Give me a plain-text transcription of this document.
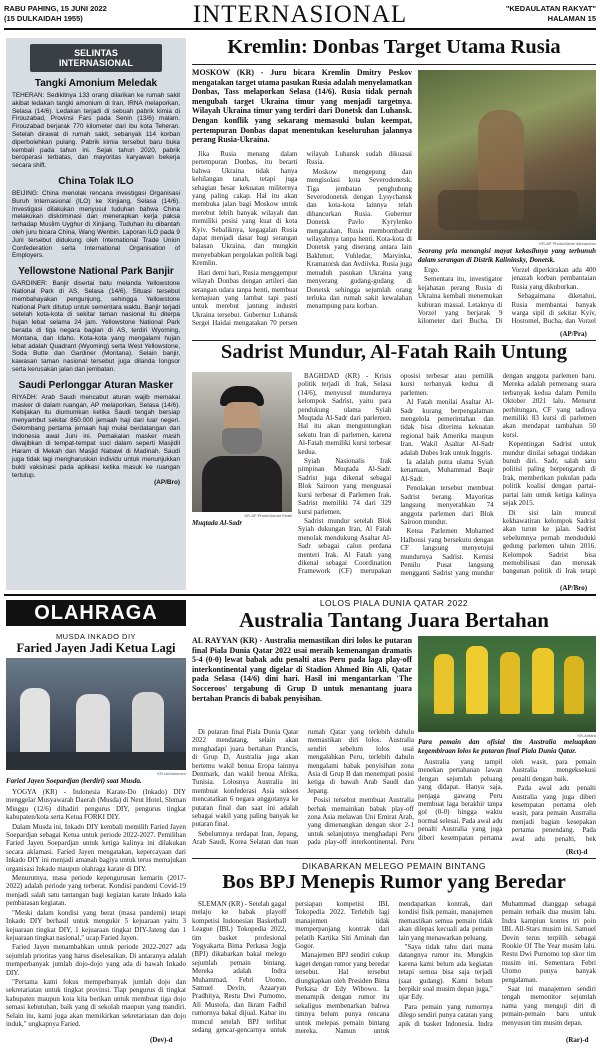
RABU PAHING, 15 JUNI 2022
(15 DULKAIDAH 1955)	INTERNASIONAL	"KEDAULATAN RAKYAT"
HALAMAN 15
SELINTAS INTERNASIONAL
Tangki Amonium Meledak
TEHERAN: Sedikitnya 133 orang dilarikan ke rumah sakit akibat ledakan tangki amonium di Iran, IRNA melaporkan, Selasa (14/6). Ledakan terjadi di sebuah pabrik kimia di Firouzabad, Provinsi Fars pada Senin (13/6) malam. Firouzabad berjarak 770 kilometer dari ibu kota Teheran. Setelah dirawat di rumah sakit, sebanyak 114 korban diperbolehkan pulang. Pabrik kimia tersebut baru buka kembali pada tahun ini. Sejak tahun 2020, pabrik beroperasi terbatas, dan mayoritas karyawan bekerja secara shift.
China Tolak ILO
BEIJING: China menolak rencana investigasi Organisasi Buruh Internasional (ILO) ke Xinjiang, Selasa (14/6). Investigasi dilakukan menyusul tuduhan bahwa China melakukan diskriminasi dan menerapkan kerja paksa terhadap Muslim Uyghur di Xinjiang. Tuduhan itu dibantah oleh juru bicara China, Wang Wenbin. Laporan ILO pada 9 Juni tersebut didukung oleh International Trade Union Confederation serta International Organisation of Employers.
Yellowstone National Park Banjir
GARDINER: Banjir disertai batu melanda Yellowstone National Park di AS, Selasa (14/6). Situasi tersebut membahayakan pengunjung, sehingga Yellowstone National Park ditutup untuk sementara waktu. Banjir terjadi setelah kota-kota di sekitar taman nasional itu diterpa hujan lebat selama 24 jam. Yellowstone National Park berada di tiga negara bagian di AS, terdiri Wyoming, Montana, dan Idaho. Kota-kota yang mengalami hujan lebat adalah Quadrant (Wyoming) serta West Yellowstone, Soda Butte dan Gardiner (Montana). Selain banjir, kawasan taman nasional tersebut juga dilanda longsor serta kerusakan jalan dan jembatan.
Saudi Perlonggar Aturan Masker
RIYADH: Arab Saudi mencabut aturan wajib memakai masker di dalam ruangan, AP melaporkan, Selasa (14/6). Kebijakan itu diumumkan ketika Saudi tengah bersiap menyambut sekitar 850.000 jemaah haji dari luar negeri. Gelombang pertama jemaah haji mulai berdatangan dari Indonesia awal Juni ini. Pemakaian masker masih diwajibkan di tempat-tempat suci dalam seperti Masjidil Haram di Mekah dan Masjid Nabawi di Madinah. Saudi juga tidak lagi mengharuskan individu untuk menunjukkan bukti vaksinasi pada aplikasi ketika masuk ke ruangan tertutup.
(AP/Bro)
Kremlin: Donbas Target Utama Rusia
MOSKOW (KR) - Juru bicara Kremlin Dmitry Peskov mengatakan target utama pasukan Rusia adalah menyelamatkan Donbas, Tass melaporkan Selasa (14/6). Rusia tidak pernah mengubah target Ukraina timur yang menjadi targetnya. Wilayah Ukraina timur yang terdiri dari Donetsk dan Luhansk. Dengan konflik yang sekarang memasuki bulan keempat, pertempuran Donbas dapat menentukan keseluruhan jalannya perang Rusia-Ukraina.

Jika Rusia menang dalam pertempuran Donbas, itu berarti bahwa Ukraina tidak hanya kehilangan tanah, tetapi juga sebagian besar kekuatan militernya yang paling cakap. Hal itu akan membuka jalan bagi Moskow untuk merebut lebih banyak wilayah dan memiliki posisi yang kuat di kota Kyiv. Sebaliknya, kegagalan Rusia dapat menjadi dasar bagi serangan balasan Ukraina, dan mungkin menyebabkan pergolakan politik bagi Kremlin.

Hari demi hari, Rusia menggempur wilayah Donbas dengan artileri dan serangan udara tanpa henti, membuat kemajuan yang lambat tapi pasti untuk merebut jantung industri Ukraina tersebut. Gubernur Luhansk Sergei Haidai mengatakan 70 persen wilayah Luhansk sudah dikuasai Rusia.

Moskow mengepung dan mengisolasi kota Severodonetsk. Tiga jembatan penghubung Severodonetsk dengan Lysychansk dan kota-kota lainnya telah dihancurkan Rusia. Gubernur Donetsk Pavlo Kyrylenko mengatakan, Rusia membombardir wilayahnya tanpa henti. Kota-kota di Donetsk yang diserang antara lain Bakhmut, Vuhledar, Maryinka, Kramatorsk dan Avdiivka. Rusia juga menuduh pasukan Ukraina yang menyerang gudang-gudang di Donetsk sehingga sejumlah orang terluka dan rumah sakit kewalahan menampung para korban.

KR-AP Photo/Alexei Alexandrov
Seorang pria menangisi mayat kekasihnya yang terbunuh dalam serangan di Distrik Kalininsky, Donetsk.

Ergo.

Sementara itu, investigator kejahatan perang Rusia di Ukraina kembali menemukan kuburan massal. Letaknya di Vorzel yang berjarak 9 kilometer dari Bucha. Di Vorzel diperkirakan ada 400 jenazah korban pembantaian Rusia yang dikuburkan.

Sebagaimana diketahui, Rusia membantai banyak warga sipil di sekitar Kyiv, Hostomel, Bucha, dan Vorzel

(AP/Pra)
Sadrist Mundur, Al-Fatah Raih Untung
KR-AP Photo/Anmar Khalil
Muqtada Al-Sadr

BAGHDAD (KR) - Krisis politik terjadi di Irak, Selasa (14/6), menyusul mundurnya kelompok Sadrist, yaitu para pendukung ulama Syiah Muqtada Al-Sadr dari parlemen. Hal itu akan menguntungkan sekutu Iran di parlemen, karena Al-Fatah memiliki kursi terbesar kedua.

Syiah Nasionalis Irak pimpinan Muqtada Al-Sadr. Sadrist juga dikenal sebagai Blok Sairoon yang menguasai kursi terbesar di Parlemen Irak. Sadrist memiliki 74 dari 329 kursi parlemen.

Sadrist mundur setelah Blok Syiah dukungan Iran, Al Fatah menolak mendukung Asaltar Al-Sadr sebagai calon perdana menteri Irak. Al Fatah yang dikenal sebagai Coordination Framework (CF) merupakan oposisi terbesar atau pemilik kursi terbanyak kedua di parlemen.

Al Fatah menilai Asaltar Al-Sadr kurang berpengalaman mengelola pemerintahan dan tidak bisa diterima kekuatan regional baik Amerika maupun Iran. Wakil Asaltar Al-Sadr adalah Dubes Irak untuk Inggris.

Ia adalah putra ulama Syiah kenamaan, Muhammad Baqir Al-Sadr.

Penolakan tersebut membuat Sadrist berang. Mayoritas langsung menyerahkan 74 anggota parlemen dari Blok Sairoon mundur.

Ketua Parlemen Mohamed Halbousi yang bersekutu dengan CF langsung menyetujui mundurnya Sadrist. Kemisi Pemilu Pusat langsung mengganti Sadrist yang mundur dengan anggota parlemen baru. Mereka adalah pemenang suara terbanyak kedua dalam Pemilu Oktober 2021 lalu. Menurut perhitungan, CF yang tadinya memiliki 83 kursi di parlemen akan mendapat tambahan 50 kursi.

Kepentingan Sadrist untuk mundur dinilai sebagai tindakan bunuh diri. Sadr, salah satu politisi paling berpengaruh di Irak, memberikan pukulan pada politik koalisi dengan partai-partai lain untuk ketiga kalinya sejak 2015.

Di sisi lain muncul kekhawatiran kelompok Sadrist akan turun ke jalan. Sadrist sebelumnya pernah menduduki gedung parlemen tahun 2016. Kelompok Sadrist bisa memobilisasi dan merusak bangunan politik di Irak tetapi

(AP/Bro)
OLAHRAGA
MUSDA INKADO DIY
Faried Jayen Jadi Ketua Lagi
KR-Ist/dokumen
Faried Jayen Soepardjan (berdiri) saat Musda.

YOGYA (KR) - Indonesia Karate-Do (Inkado) DIY menggelar Musyawarah Daerah (Musda) di Neut Hotel, Sleman Minggu (12/6) dihadiri pengurus DIY, pengurus tingkat kabupaten/kota serta Ketua FORKI DIY.

Dalam Musda ini, Inkado DIY kembali memilih Faried Jayen Soepardjan sebagai Ketua untuk periode 2022-2027. Pemilihan Faried Jayen Soepardjan untuk ketiga kalinya ini dilakukan secara aklamasi. Faried Jayen mengatakan, kepercayaan dari Inkado DIY ini menjadi amanah bagiya untuk terus memajukan organisasi Inkado maupun olahraga karate di DIY.

Menurutnya, masa periode kepengurusan kemarin (2017-2022) adalah periode yang terberat. Kondisi pandemi Covid-19 menjadi salah satu tantangan bagi kegiatan karate Inkado kala pembatasan kegiatan.

"Meski dalam kondisi yang berat (masa pandemi) tetapi Inkado DIY berhasil untuk mengukir 5 kejuaraan yaitu 3 kejuaraan tingkat DIY, 1 kejuaraan tingkat DIY-Jateng dan 1 kejuaraan tingkat nasional," ucap Faried Jayen.

Faried Jayen menambahkan untuk periode 2022-2027 ada sejumlah prioritas yang harus diselesaikan. Di antaranya adalah memperbanyak jumlah dojo-dojo yang ada di bawah Inkado DIY.

"Pertama kami fokus memperbanyak jumlah dojo dan sekretariatan untuk tingkat provinsi. Tiap pengurus di tingkat kabupaten maupun kota kita berikan untuk membuat tiga dojo semasi kebutuhan, baik yang di sekolah maupun yang mandiri. Selain itu, kami juga akan memikirkan sekretariatan dan dojo induk," ungkapnya Faried.

(Dev)-d
LOLOS PIALA DUNIA QATAR 2022
Australia Tantang Juara Bertahan
AL RAYYAN (KR) - Australia memastikan diri lolos ke putaran final Piala Dunia Qatar 2022 usai meraih kemenangan dramatis 5-4 (0-0) lewat babak adu penalti atas Peru pada laga play-off interkontinental yang digelar di Stadion Ahmed Bin Ali, Qatar pada Selasa (14/6) dini hari. Hasil ini mengantarkan 'The Socceroos' tergabung di Grup D untuk menantang juara bertahan Prancis di babak penyisihan.
KR-Antara
Para pemain dan ofisial tim Australia meluapkan kegembiraan lolos ke putaran final Piala Dunia Qatar.

Di putaran final Piala Dunia Qatar 2022 mendatang, selain akan menghadapi juara bertahan Prancis, di Grup D, Australia juga akan bertemu wakil benua Eropa lainnya Denmark, dan wakil benua Afrika, Tunisia. Lolosnya Australia ini membuat konfederasi Asia sukses mencatatkan 6 negara anggotanya ke putaran final dan saat ini adalah sebagai wakil yang paling banyak ke putaran final.

Sebelumnya terdapat Iran, Jepang, Arab Saudi, Korea Selatan dan tuan rumah Qatar yang terlebih dahulu memastikan diri lolos. Australia sendiri sebelum lolos usai mengalahkan Peru, terlebih dahulu mengalami babak penyisihan zona Asia di Grup B dan menempati posisi ketiga di bawah Arab Saudi dan Jepang.

Posisi tersebut membuat Australia berhak memainkan babak play-off zona Asia melawan Uni Emirat Arab, yang dimenangkan dengan skor 2-1 untuk selanjutnya menghadapi Peru pada play-off interkontinental. Peru

Australia yang tampil menekan pertahanan lawan dengan sejumlah peluang yang didapat. Hanya saja, penjaga gawang Peru membuat laga berakhir tanpa gol (0-0) hingga waktu normal selesai. Pada awal adu penalti Australia yang juga diberi kesempatan pertama oleh wasit, para pemain Australia mengeksekusi penalti dengan baik.

Pada awal adu penalti Australia yang juga diberi kesempatan pertama oleh wasit, para pemain Australia menjadi bagian kesepakan pertama penendang. Pada awal adu penalti, bek

(Rct)-d
DIKABARKAN MELEGO PEMAIN BINTANG
Bos BPJ Menepis Rumor yang Beredar

SLEMAN (KR) - Setelah gagal melaju ke babak playoff kompetisi Indonesian Basketball League (IBL) Tokopedia 2022, tim basket profesional Yogyakarta Bima Perkasa Jogja (BPJ) dikabarkan bakal melego sejumlah pemain bintang. Mereka adalah Indra Muhammad, Febri Utomo, Samuel Devin, Azaaryan Pradhitya, Restu Dwi Purnomo, Ali Mustofa, dan Ikram Fadhil rumornya bakal dijual. Kabar itu muncul setelah BPJ terlihat sedang gencar-gencarnya untuk persiapan kompetisi IBL Tokopedia 2022. Terlebih lagi manajemen tidak memperpanjang kontrak dari pelatih Kartika Siti Aminah dan Gogor.

Manajemen BPJ sendiri cukup kaget dengan rumor yang beredar tersebut. Hal tersebut diungkapkan oleh Presiden Bima Perkasa dr Edy Wibowo. Ia menampik dengan rumor itu sekaligus membenarkan bahwa timnya belum punya rencana untuk melepas pemain bintang mereka. Namun untuk mendapatkan kontrak, dari kondisi fisik pemain, manajemen memastikan semua pemain tidak akan dilepas kecuali ada pemain lain yang menawarkan peluang.

"Saya tidak tahu dari mana datangnya rumor itu. Mungkin karena kami belum ada kegiatan tetapi semua bisa saja terjadi (saat gudang). Kami belum berpikir soal musim depan juga," ujar Edy.

Para pemain yang rumornya dilego sendiri punya catatan yang apik di basket Indonesia. Indra Muhammad dianggap sebagai pemain terbaik dua musim lalu. Indra kampiun kontes tri poin IBL All-Stars musim ini. Samuel Devin terus terpilih sebagai Rookie Of The Year musim lalu. Restu Dwi Purnomo top skor tim musim ini. Sementara Febri Utomo punya banyak pengalaman.

Saat ini manajemen sendiri tengah memonitor sejumlah nama yang menguji diri di pemain-pemain baru untuk menyusun tim musim depan.

(Rar)-d
